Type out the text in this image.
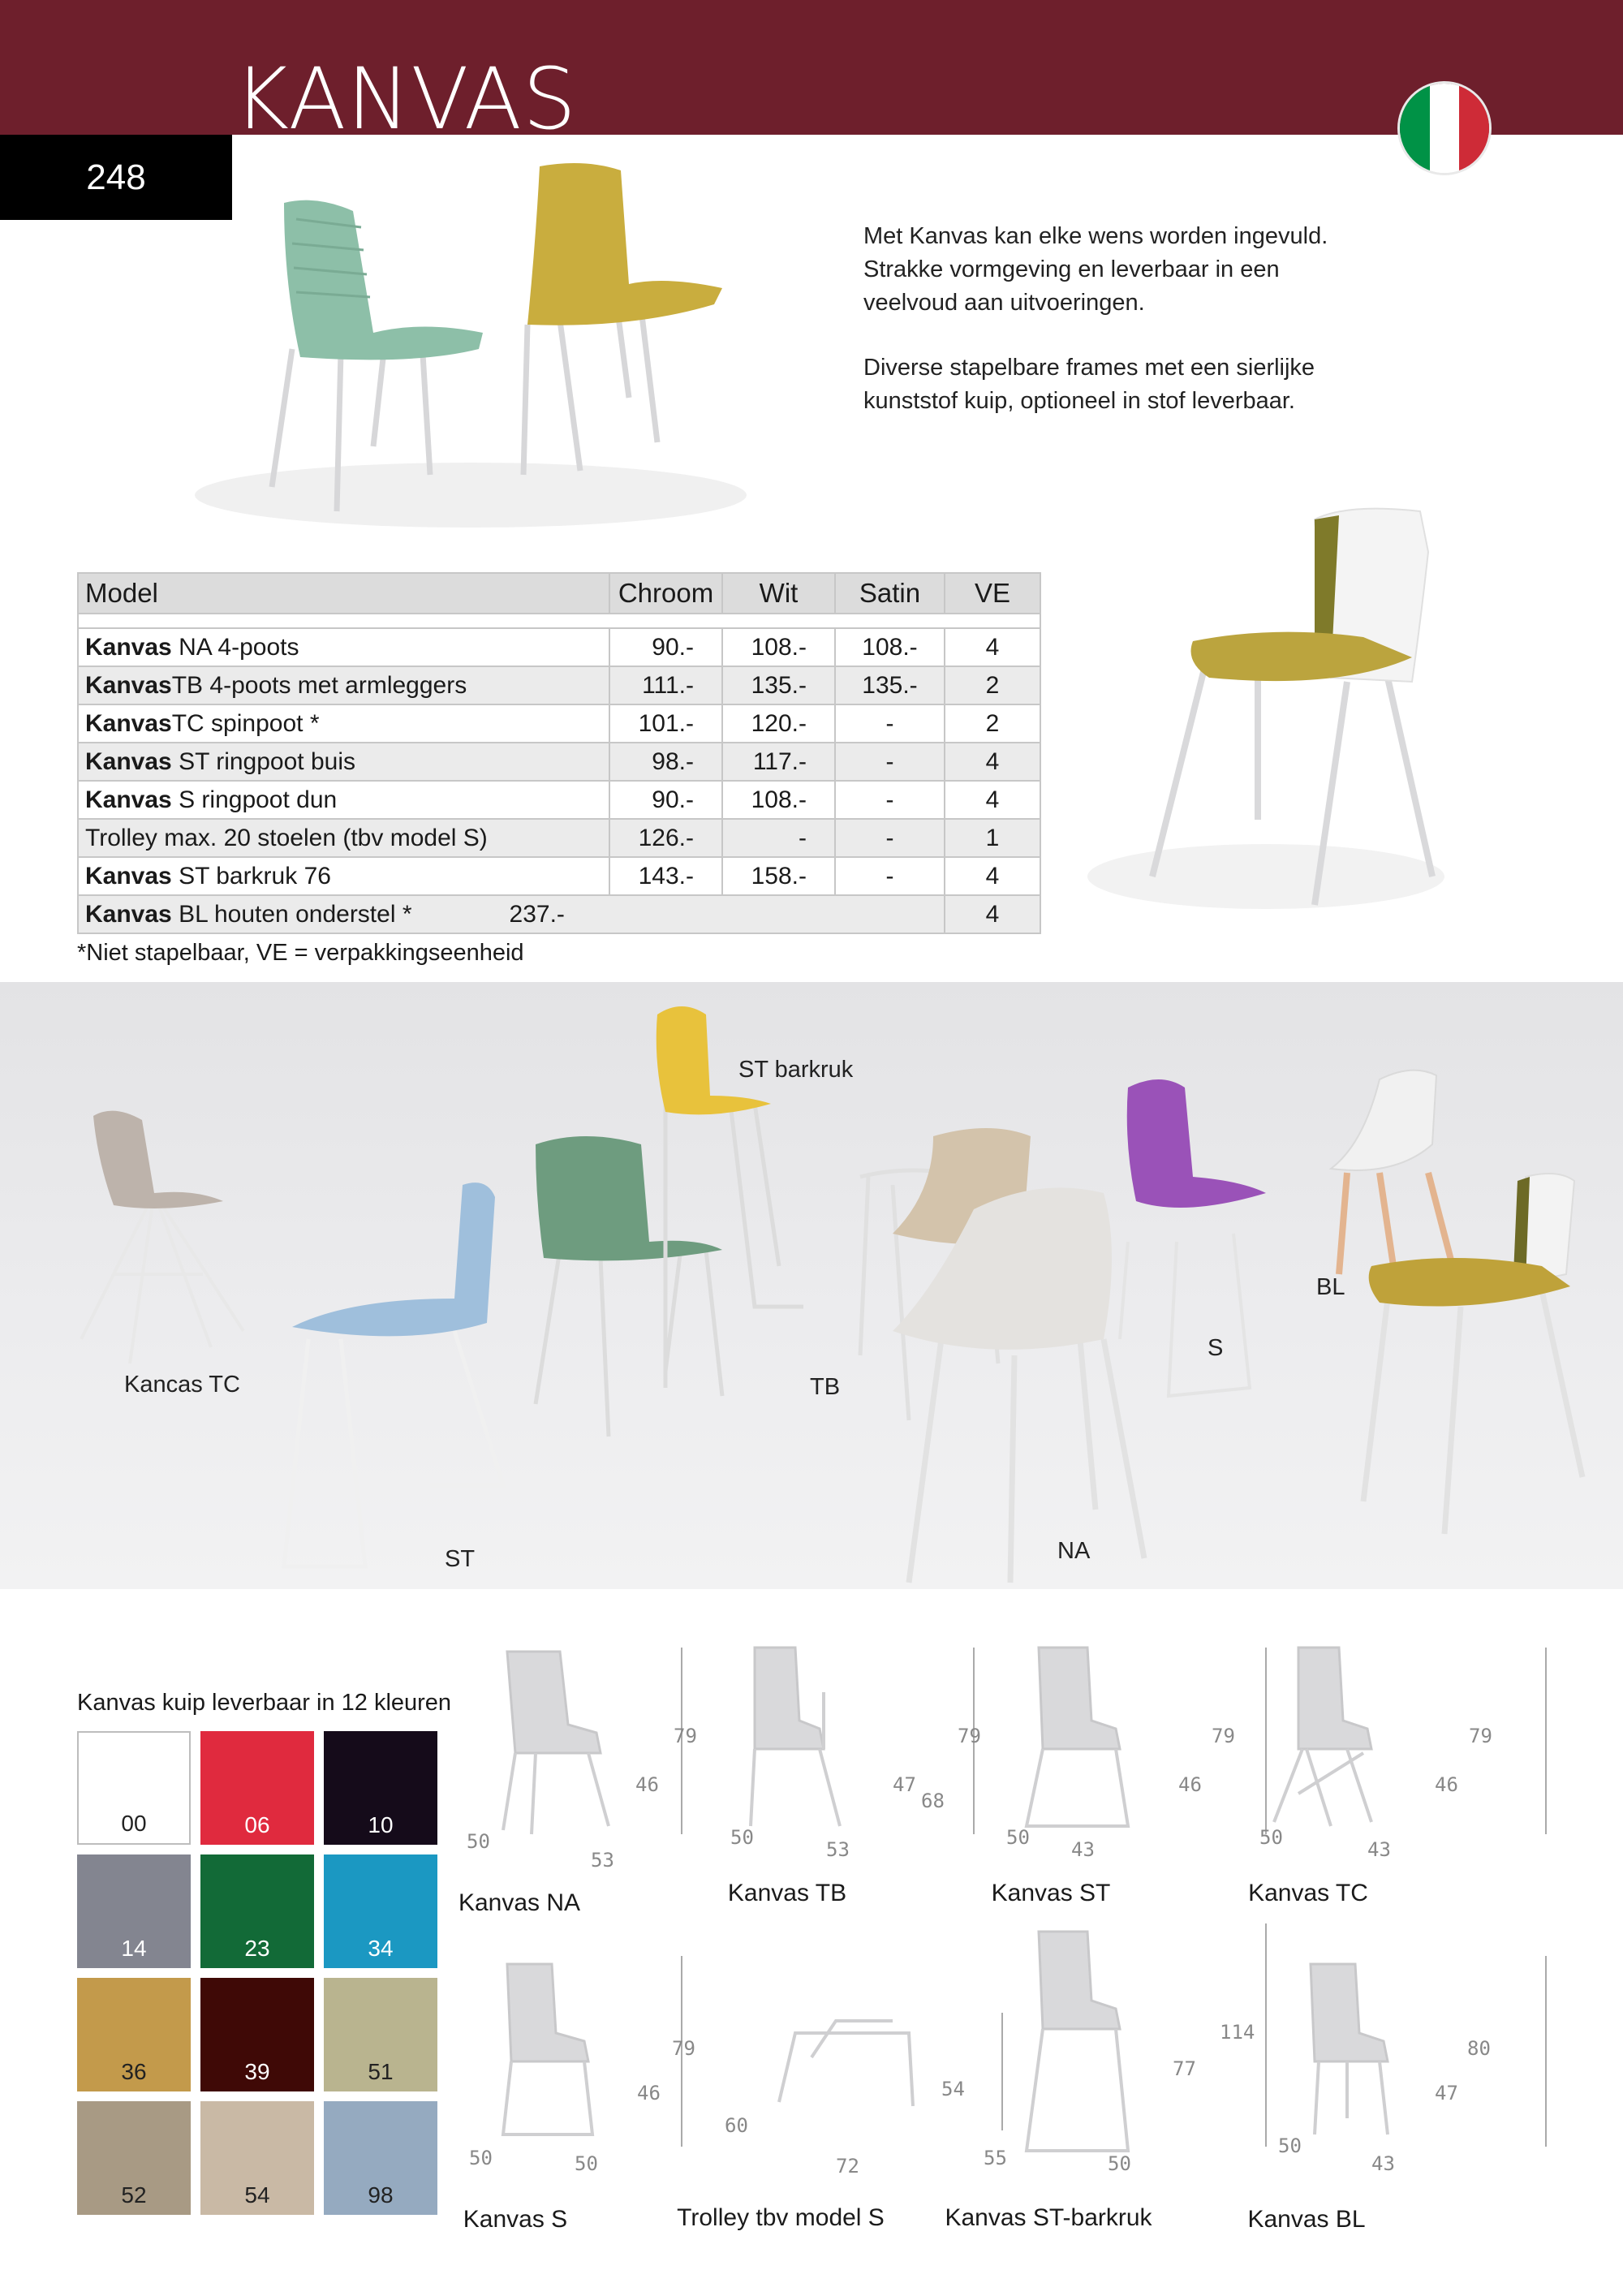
KANVAS
248
Met Kanvas kan elke wens worden ingevuld.
Strakke vormgeving en leverbaar in een
veelvoud aan uitvoeringen.
Diverse stapelbare frames met een sierlijke
kunststof kuip, optioneel in stof leverbaar.
Model	Chroom	Wit	Satin	VE

Kanvas NA 4-poots	90.-	108.-	108.-	4
KanvasTB 4-poots met armleggers	111.-	135.-	135.-	2
KanvasTC spinpoot *	101.-	120.-	-	2
Kanvas ST ringpoot buis	98.-	117.-	-	4
Kanvas S ringpoot dun	90.-	108.-	-	4
Trolley max. 20 stoelen (tbv model S)	126.-	-	-	1
Kanvas ST barkruk 76	143.-	158.-	-	4
Kanvas BL houten onderstel * 237.-				4
*Niet stapelbaar, VE = verpakkingseenheid
ST barkruk
Kancas TC
ST
TB
NA
S
BL
Kanvas kuip leverbaar in 12 kleuren
00	06	10
14	23	34
36	39	51
52	54	98
Kanvas NA
79
46
50
53
Kanvas TB
79
68
47
50
53
Kanvas ST
79
46
50
43
Kanvas TC
79
46
50
43
Kanvas S
79
46
50	50
Trolley tbv model S
54
60
72
Kanvas ST-barkruk
114
77
55	50
Kanvas BL
80
47
50
43
